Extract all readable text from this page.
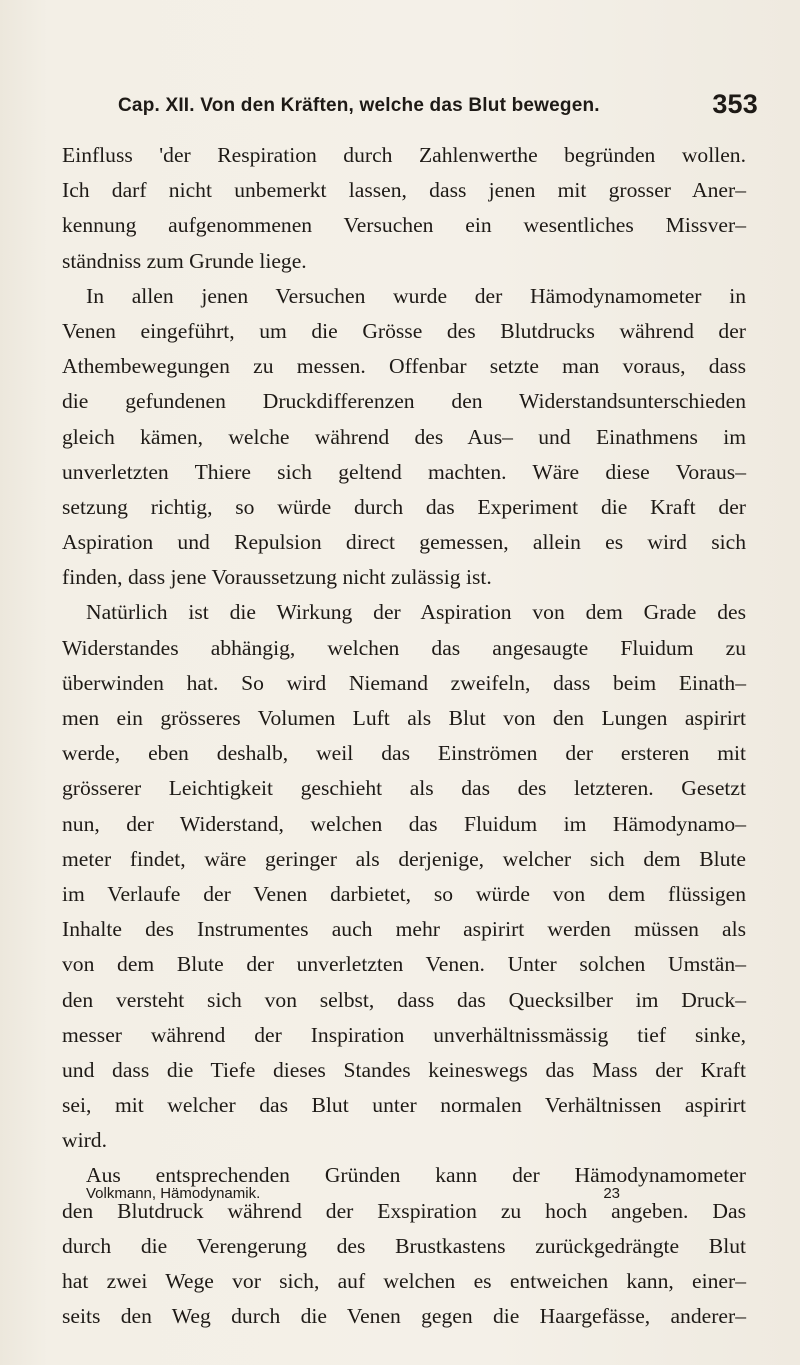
Cap. XII. Von den Kräften, welche das Blut bewegen.	353
Einfluss 'der Respiration durch Zahlenwerthe begründen wollen.
Ich darf nicht unbemerkt lassen, dass jenen mit grosser Aner–
kennung aufgenommenen Versuchen ein wesentliches Missver–
ständniss zum Grunde liege.
In allen jenen Versuchen wurde der Hämodynamometer in
Venen eingeführt, um die Grösse des Blutdrucks während der
Athembewegungen zu messen. Offenbar setzte man voraus, dass
die gefundenen Druckdifferenzen den Widerstandsunterschieden
gleich kämen, welche während des Aus– und Einathmens im
unverletzten Thiere sich geltend machten. Wäre diese Voraus–
setzung richtig, so würde durch das Experiment die Kraft der
Aspiration und Repulsion direct gemessen, allein es wird sich
finden, dass jene Voraussetzung nicht zulässig ist.
Natürlich ist die Wirkung der Aspiration von dem Grade des
Widerstandes abhängig, welchen das angesaugte Fluidum zu
überwinden hat. So wird Niemand zweifeln, dass beim Einath–
men ein grösseres Volumen Luft als Blut von den Lungen aspirirt
werde, eben deshalb, weil das Einströmen der ersteren mit
grösserer Leichtigkeit geschieht als das des letzteren. Gesetzt
nun, der Widerstand, welchen das Fluidum im Hämodynamo–
meter findet, wäre geringer als derjenige, welcher sich dem Blute
im Verlaufe der Venen darbietet, so würde von dem flüssigen
Inhalte des Instrumentes auch mehr aspirirt werden müssen als
von dem Blute der unverletzten Venen. Unter solchen Umstän–
den versteht sich von selbst, dass das Quecksilber im Druck–
messer während der Inspiration unverhältnissmässig tief sinke,
und dass die Tiefe dieses Standes keineswegs das Mass der Kraft
sei, mit welcher das Blut unter normalen Verhältnissen aspirirt
wird.
Aus entsprechenden Gründen kann der Hämodynamometer
den Blutdruck während der Exspiration zu hoch angeben. Das
durch die Verengerung des Brustkastens zurückgedrängte Blut
hat zwei Wege vor sich, auf welchen es entweichen kann, einer–
seits den Weg durch die Venen gegen die Haargefässe, anderer–
Volkmann, Hämodynamik.	23
